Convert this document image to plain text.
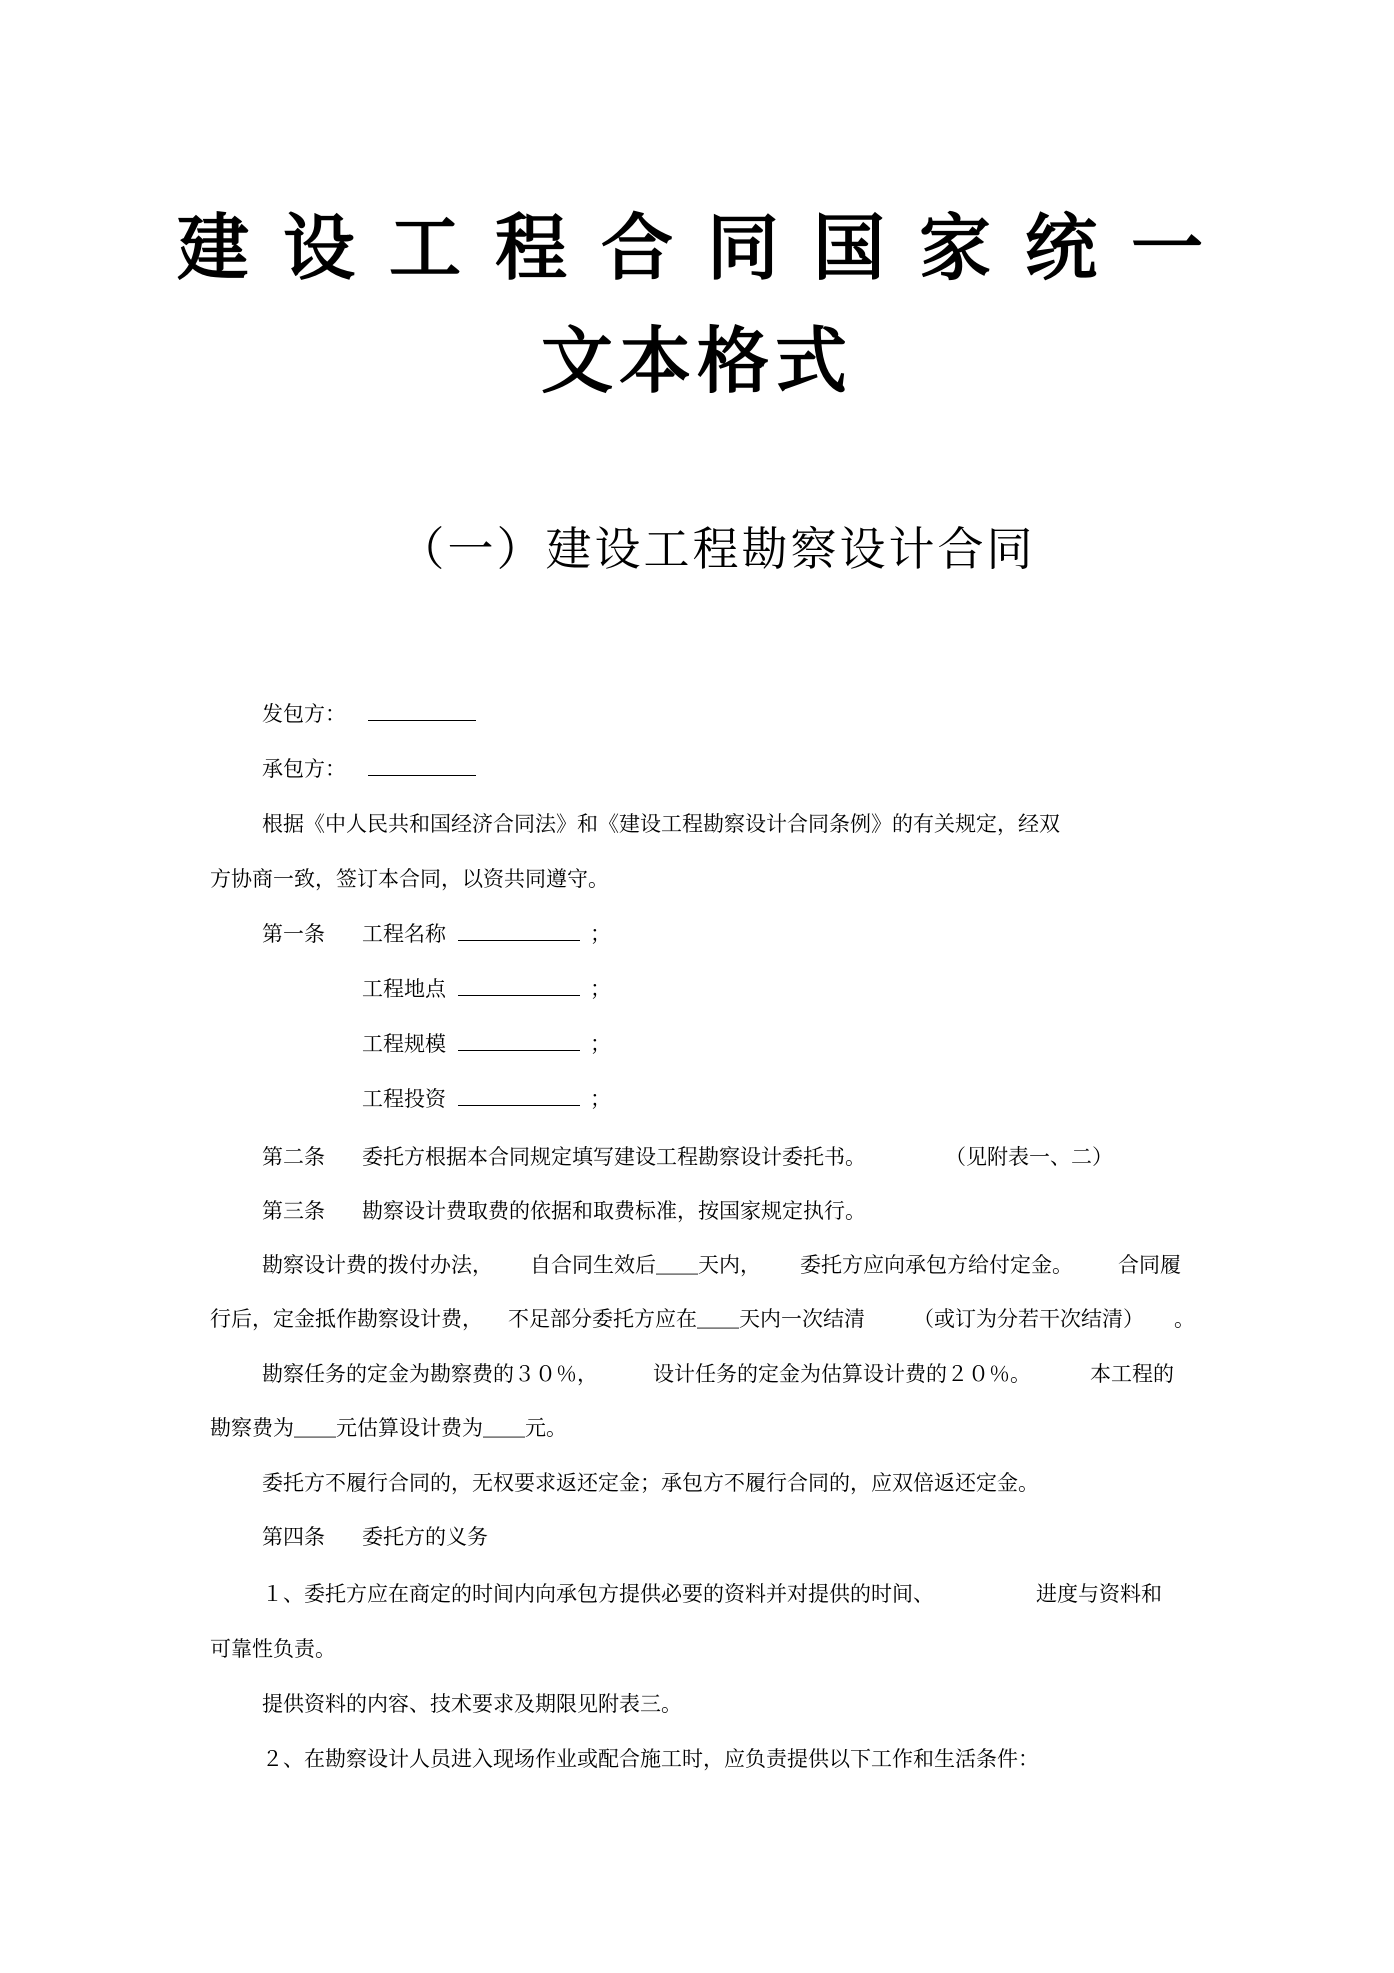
建设工程合同国家统一
文本格式
（一）建设工程勘察设计合同
发包方：
承包方：
根据《中人民共和国经济合同法》和《建设工程勘察设计合同条例》的有关规定，经双
方协商一致，签订本合同，以资共同遵守。
第一条 工程名称	；
工程地点	；
工程规模	；
工程投资	；
第二条 委托方根据本合同规定填写建设工程勘察设计委托书。	（见附表一、二）
第三条 勘察设计费取费的依据和取费标准，按国家规定执行。
勘察设计费的拨付办法， 自合同生效后＿＿天内， 委托方应向承包方给付定金。 合同履
行后，定金抵作勘察设计费， 不足部分委托方应在＿＿天内一次结清 （或订为分若干次结清） 。
勘察任务的定金为勘察费的３０％，	设计任务的定金为估算设计费的２０％。	本工程的
勘察费为＿＿元估算设计费为＿＿元。
委托方不履行合同的，无权要求返还定金；承包方不履行合同的，应双倍返还定金。
第四条 委托方的义务
１、委托方应在商定的时间内向承包方提供必要的资料并对提供的时间、	进度与资料和
可靠性负责。
提供资料的内容、技术要求及期限见附表三。
２、在勘察设计人员进入现场作业或配合施工时，应负责提供以下工作和生活条件：
